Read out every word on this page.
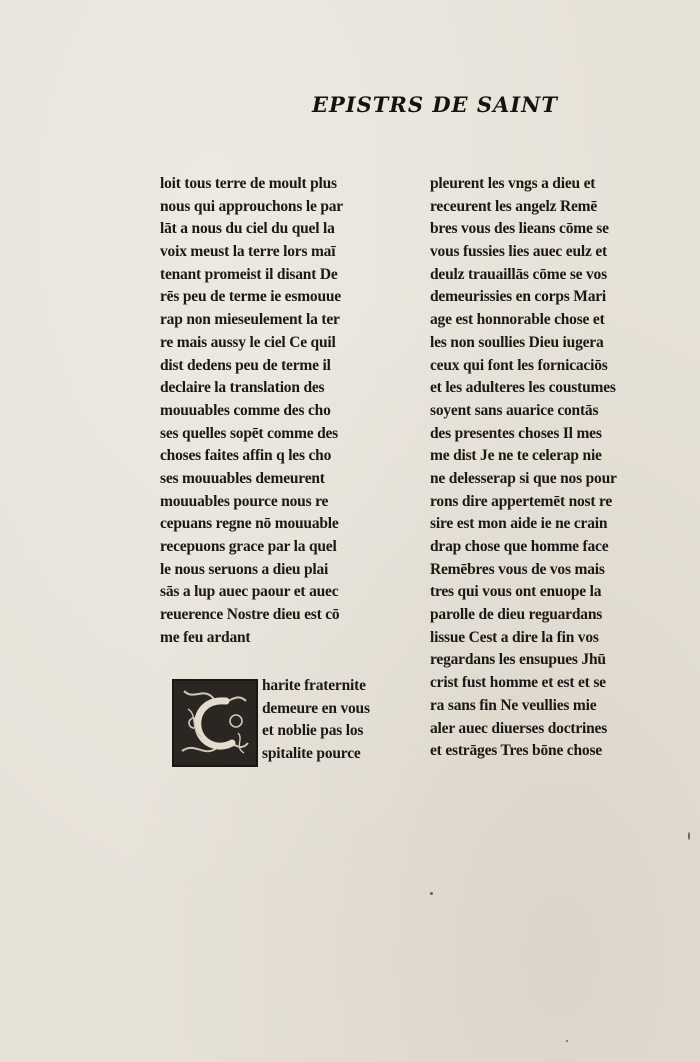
EPISTRS DE SAINT
loit tous terre de moult plus
nous qui approuchons le par
lāt a nous du ciel du quel la
voix meust la terre lors maī
tenant promeist il disant De
rēs peu de terme ie esmouue
rap non mieseulement la ter
re mais aussy le ciel Ce quil
dist dedens peu de terme il
declaire la translation des
mouuables comme des cho
ses quelles sopēt comme des
choses faites affin q les cho
ses mouuables demeurent
mouuables pource nous re
cepuans regne nō mouuable
recepuons grace par la quel
le nous seruons a dieu plai
sās a lup auec paour et auec
reuerence Nostre dieu est cō
me feu ardant
harite fraternite
demeure en vous
et noblie pas los
spitalite pource
pleurent les vngs a dieu et
receurent les angelz Remē
bres vous des lieans cōme se
vous fussies lies auec eulz et
deulz trauaillās cōme se vos
demeurissies en corps Mari
age est honnorable chose et
les non soullies Dieu iugera
ceux qui font les fornicaciōs
et les adulteres les coustumes
soyent sans auarice contās
des presentes choses Il mes
me dist Je ne te celerap nie
ne delesserap si que nos pour
rons dire appertemēt nost re
sire est mon aide ie ne crain
drap chose que homme face
Remēbres vous de vos mais
tres qui vous ont enuope la
parolle de dieu reguardans
lissue Cest a dire la fin vos
regardans les ensupues Jhū
crist fust homme et est et se
ra sans fin Ne veullies mie
aler auec diuerses doctrines
et estrāges Tres bōne chose
